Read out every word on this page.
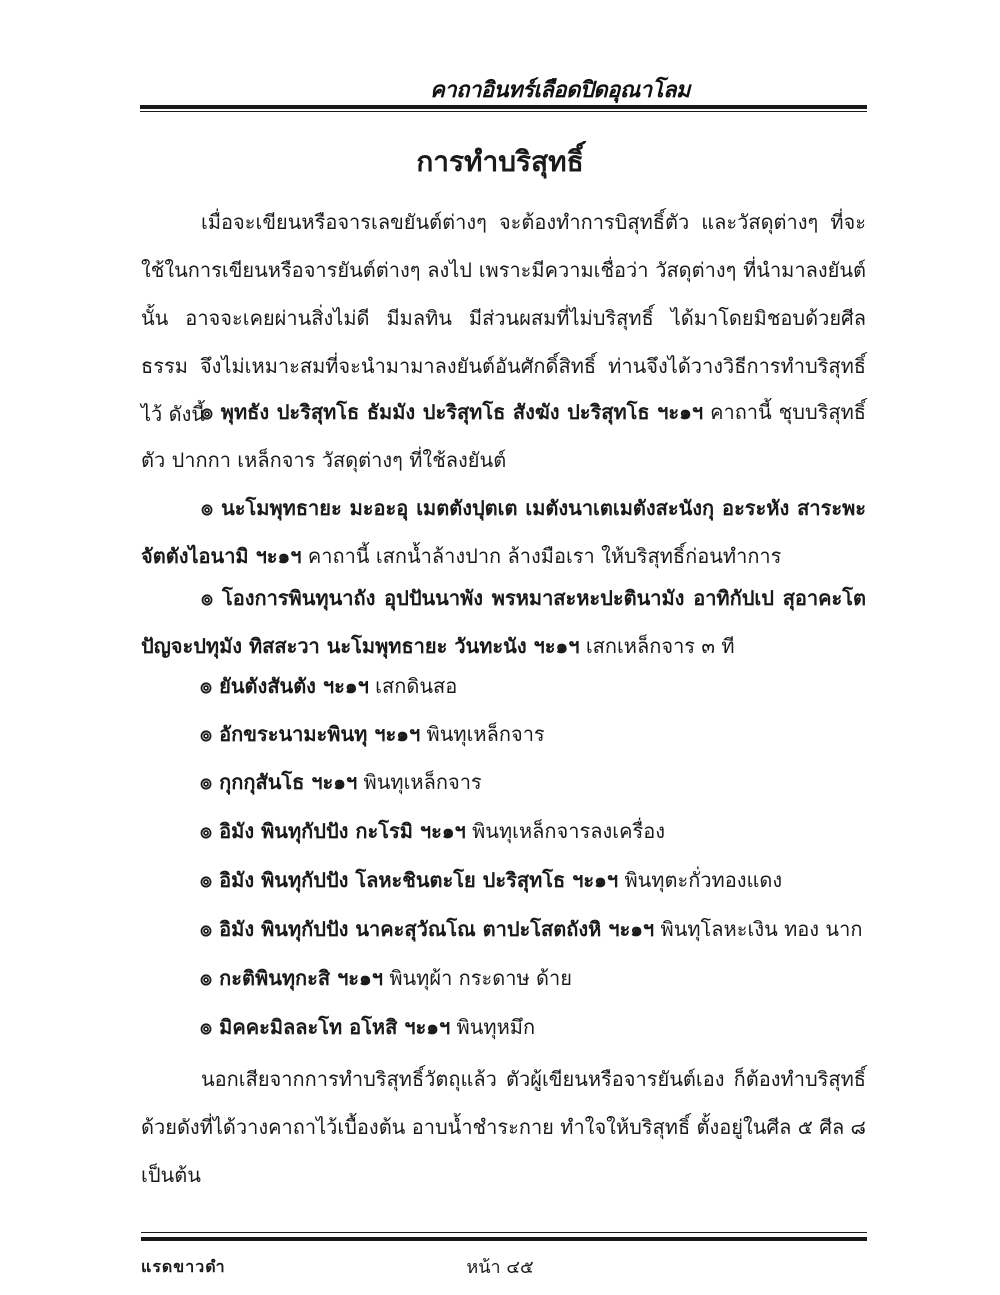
คาถาอินทร์เลือดปิดอุณาโลม
การทำบริสุทธิ์
เมื่อจะเขียนหรือจารเลขยันต์ต่างๆ จะต้องทำการบิสุทธิ์ตัว และวัสดุต่างๆ ที่จะใช้ในการเขียนหรือจารยันต์ต่างๆ ลงไป เพราะมีความเชื่อว่า วัสดุต่างๆ ที่นำมาลงยันต์นั้น อาจจะเคยผ่านสิ่งไม่ดี มีมลทิน มีส่วนผสมที่ไม่บริสุทธิ์ ได้มาโดยมิชอบด้วยศีลธรรม จึงไม่เหมาะสมที่จะนำมามาลงยันต์อันศักดิ์สิทธิ์ ท่านจึงได้วางวิธีการทำบริสุทธิ์ไว้ ดังนี้
๏ พุทธัง ปะริสุทโธ ธัมมัง ปะริสุทโธ สังฆัง ปะริสุทโธ ฯะ๑ฯ คาถานี้ ชุบบริสุทธิ์ตัว ปากกา เหล็กจาร วัสดุต่างๆ ที่ใช้ลงยันต์
๏ นะโมพุทธายะ มะอะอุ เมตตังปุตเต เมตังนาเตเมตังสะนังกุ อะระหัง สาระพะจัตตังไอนามิ ฯะ๑ฯ คาถานี้ เสกน้ำล้างปาก ล้างมือเรา ให้บริสุทธิ์ก่อนทำการ
๏ โองการพินทุนาถัง อุปปันนาพัง พรหมาสะหะปะตินามัง อาทิกัปเป สุอาคะโต ปัญจะปทุมัง ทิสสะวา นะโมพุทธายะ วันทะนัง ฯะ๑ฯ เสกเหล็กจาร ๓ ที
๏ ยันตังสันตัง ฯะ๑ฯ เสกดินสอ
๏ อักขระนามะพินทุ ฯะ๑ฯ พินทุเหล็กจาร
๏ กุกกุสันโธ ฯะ๑ฯ พินทุเหล็กจาร
๏ อิมัง พินทุกัปปัง กะโรมิ ฯะ๑ฯ พินทุเหล็กจารลงเครื่อง
๏ อิมัง พินทุกัปปัง โลหะชินตะโย ปะริสุทโธ ฯะ๑ฯ พินทุตะกั่วทองแดง
๏ อิมัง พินทุกัปปัง นาคะสุวัณโณ ตาปะโสตถังหิ ฯะ๑ฯ พินทุโลหะเงิน ทอง นาก
๏ กะติพินทุกะสิ ฯะ๑ฯ พินทุผ้า กระดาษ ด้าย
๏ มิคคะมิลละโท อโหสิ ฯะ๑ฯ พินทุหมึก
นอกเสียจากการทำบริสุทธิ์วัตถุแล้ว ตัวผู้เขียนหรือจารยันต์เอง ก็ต้องทำบริสุทธิ์ด้วยดังที่ได้วางคาถาไว้เบื้องต้น อาบน้ำชำระกาย ทำใจให้บริสุทธิ์ ตั้งอยู่ในศีล ๕ ศีล ๘ เป็นต้น
แรดขาวดำ	หน้า ๔๕
